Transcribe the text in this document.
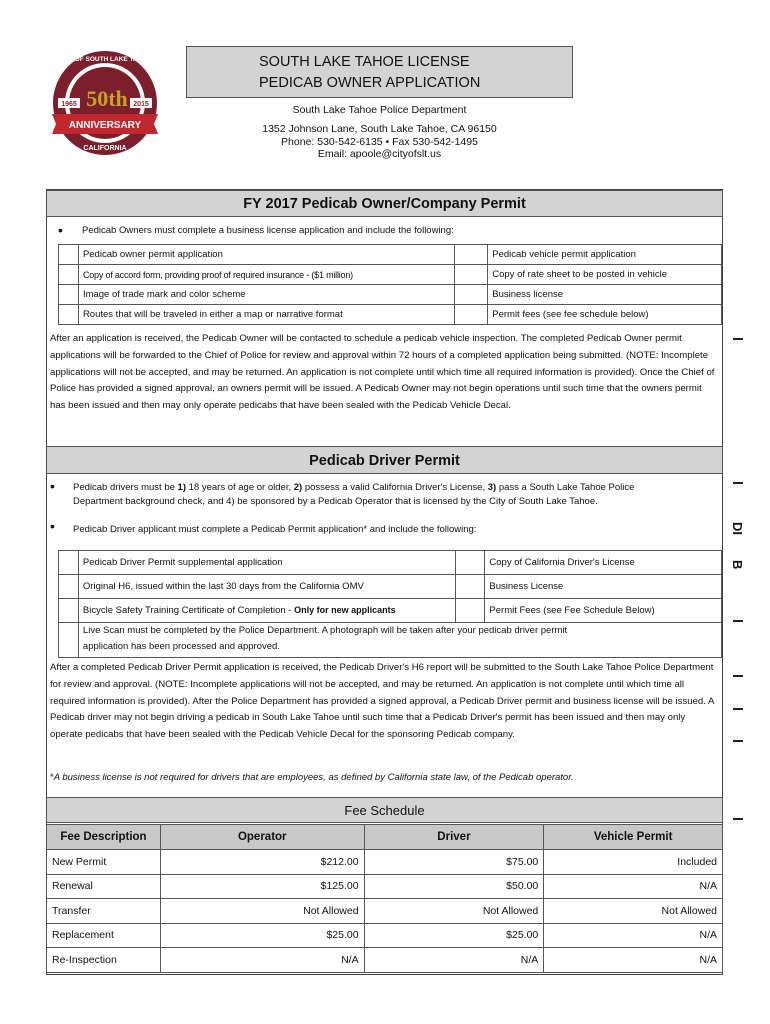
CITY OF SOUTH LAKE TAHOE
CALIFORNIA
50th
1965	2015
ANNIVERSARY
SOUTH LAKE TAHOE LICENSE
PEDICAB OWNER APPLICATION
South Lake Tahoe Police Department
1352 Johnson Lane, South Lake Tahoe, CA 96150
Phone: 530-542-6135 • Fax 530-542-1495
Email: apoole@cityofslt.us
FY 2017 Pedicab Owner/Company Permit
• Pedicab Owners must complete a business license application and include the following:
	Pedicab owner permit application		Pedicab vehicle permit application
	Copy of accord form, providing proof of required insurance - ($1 million)		Copy of rate sheet to be posted in vehicle
	Image of trade mark and color scheme		Business license
	Routes that will be traveled in either a map or narrative format		Permit fees (see fee schedule below)
After an application is received, the Pedicab Owner will be contacted to schedule a pedicab vehicle inspection. The completed Pedicab Owner permit applications will be forwarded to the Chief of Police for review and approval within 72 hours of a completed application being submitted. (NOTE: Incomplete applications will not be accepted, and may be returned. An application is not complete until which time all required information is provided). Once the Chief of Police has provided a signed approval, an owners permit will be issued. A Pedicab Owner may not begin operations until such time that the owners permit has been issued and then may only operate pedicabs that have been sealed with the Pedicab Vehicle Decal.
Pedicab Driver Permit
• Pedicab drivers must be 1) 18 years of age or older, 2) possess a valid California Driver's License, 3) pass a South Lake Tahoe Police
Department background check, and 4) be sponsored by a Pedicab Operator that is licensed by the City of South Lake Tahoe.
• Pedicab Driver applicant must complete a Pedicab Permit application* and include the following:
	Pedicab Driver Permit supplemental application		Copy of California Driver's License
	Original H6, issued within the last 30 days from the California OMV		Business License
	Bicycle Safety Training Certificate of Completion - Only for new applicants		Permit Fees (see Fee Schedule Below)

	Live Scan must be completed by the Police Department. A photograph will be taken after your pedicab driver permit
application has been processed and approved.		
After a completed Pedicab Driver Permit application is received, the Pedicab Driver's H6 report will be submitted to the South Lake Tahoe Police Department for review and approval. (NOTE: Incomplete applications will not be accepted, and may be returned. An application is not complete until which time all required information is provided). After the Police Department has provided a signed approval, a Pedicab Driver permit and business license will be issued. A Pedicab driver may not begin driving a pedicab in South Lake Tahoe until such time that a Pedicab Driver's permit has been issued and then may only operate pedicabs that have been sealed with the Pedicab Vehicle Decal for the sponsoring Pedicab company.
*A business license is not required for drivers that are employees, as defined by California state law, of the Pedicab operator.
Fee Schedule
Fee Description	Operator	Driver	Vehicle Permit
New Permit	$212.00	$75.00	Included
Renewal	$125.00	$50.00	N/A
Transfer	Not Allowed	Not Allowed	Not Allowed
Replacement	$25.00	$25.00	N/A
Re-Inspection	N/A	N/A	N/A
DI
B
